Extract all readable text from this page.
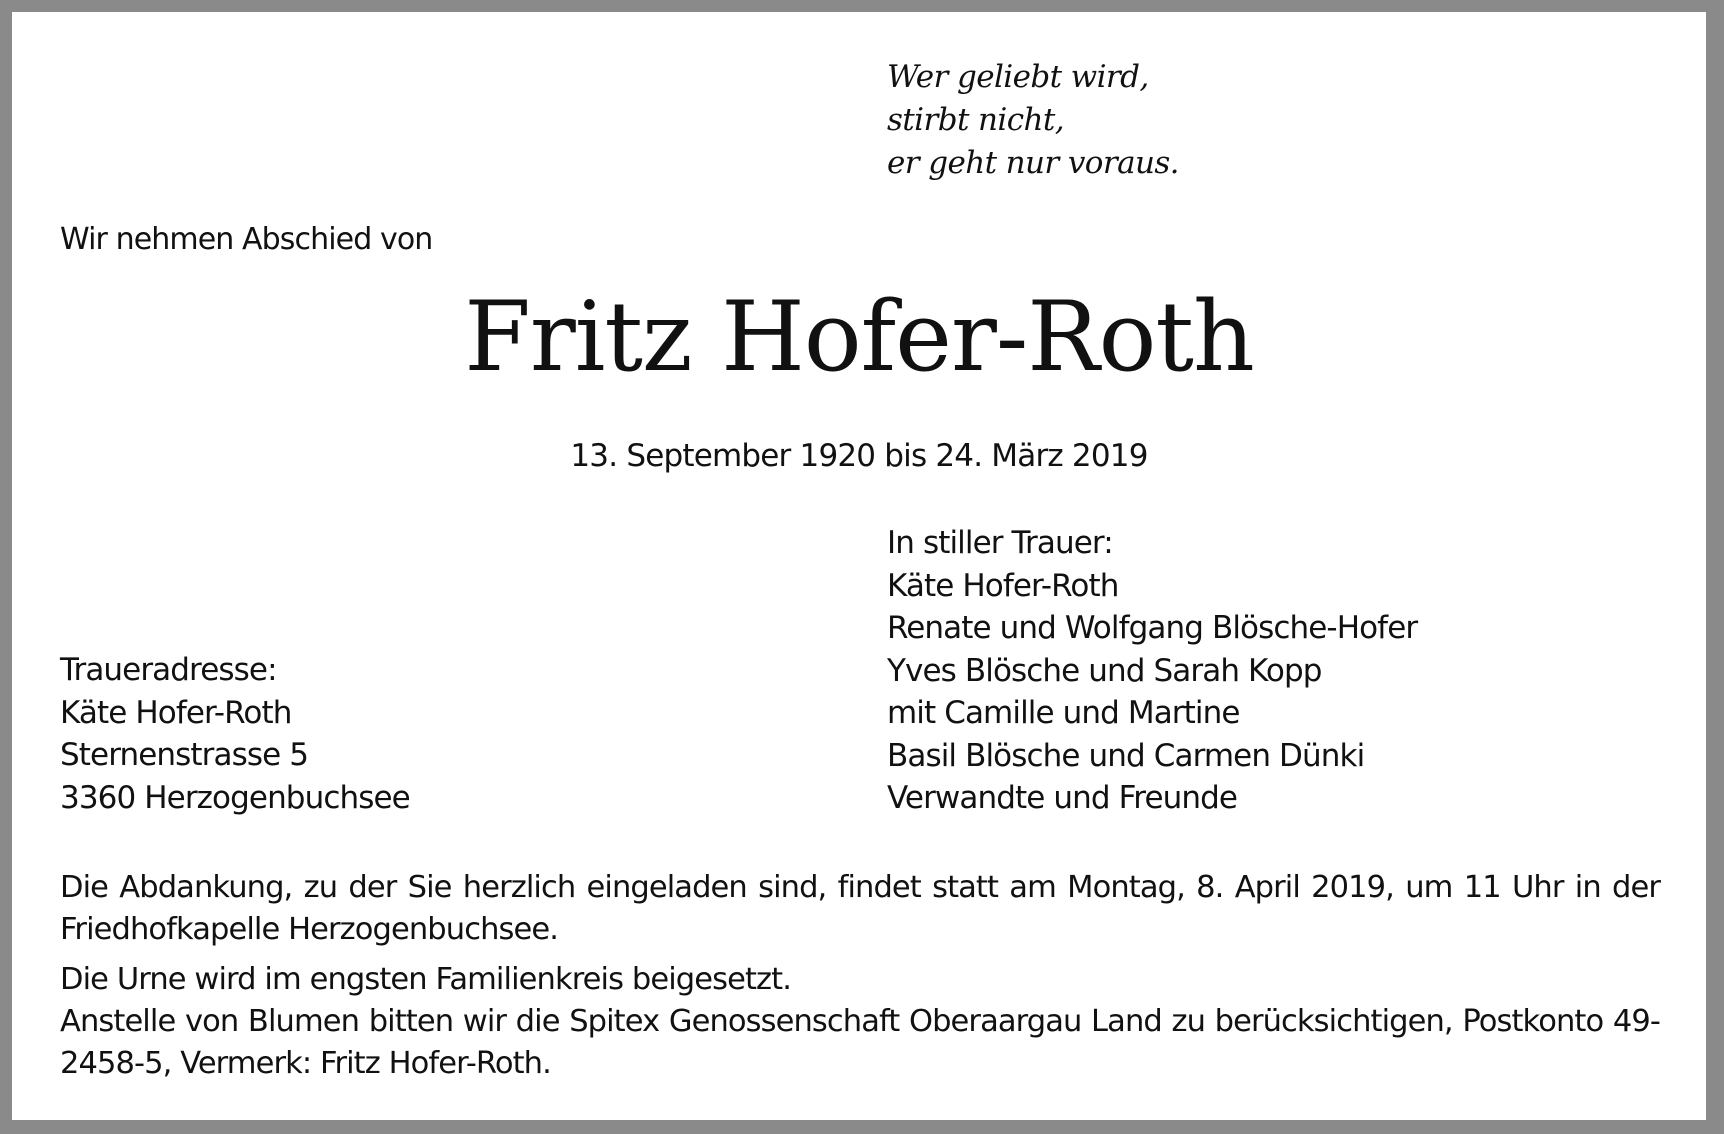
Wer geliebt wird,
stirbt nicht,
er geht nur voraus.
Wir nehmen Abschied von
Fritz Hofer-Roth
13. September 1920 bis 24. März 2019
In stiller Trauer:
Käte Hofer-Roth
Renate und Wolfgang Blösche-Hofer
Yves Blösche und Sarah Kopp
mit Camille und Martine
Basil Blösche und Carmen Dünki
Verwandte und Freunde
Traueradresse:
Käte Hofer-Roth
Sternenstrasse 5
3360 Herzogenbuchsee

Die Abdankung, zu der Sie herzlich eingeladen sind, findet statt am Montag, 8. April 2019, um 11 Uhr in der Friedhofkapelle Herzogenbuchsee.

Die Urne wird im engsten Familienkreis beigesetzt.
Anstelle von Blumen bitten wir die Spitex Genossenschaft Oberaargau Land zu berücksichtigen, Postkonto 49-2458-5, Vermerk: Fritz Hofer-Roth.
